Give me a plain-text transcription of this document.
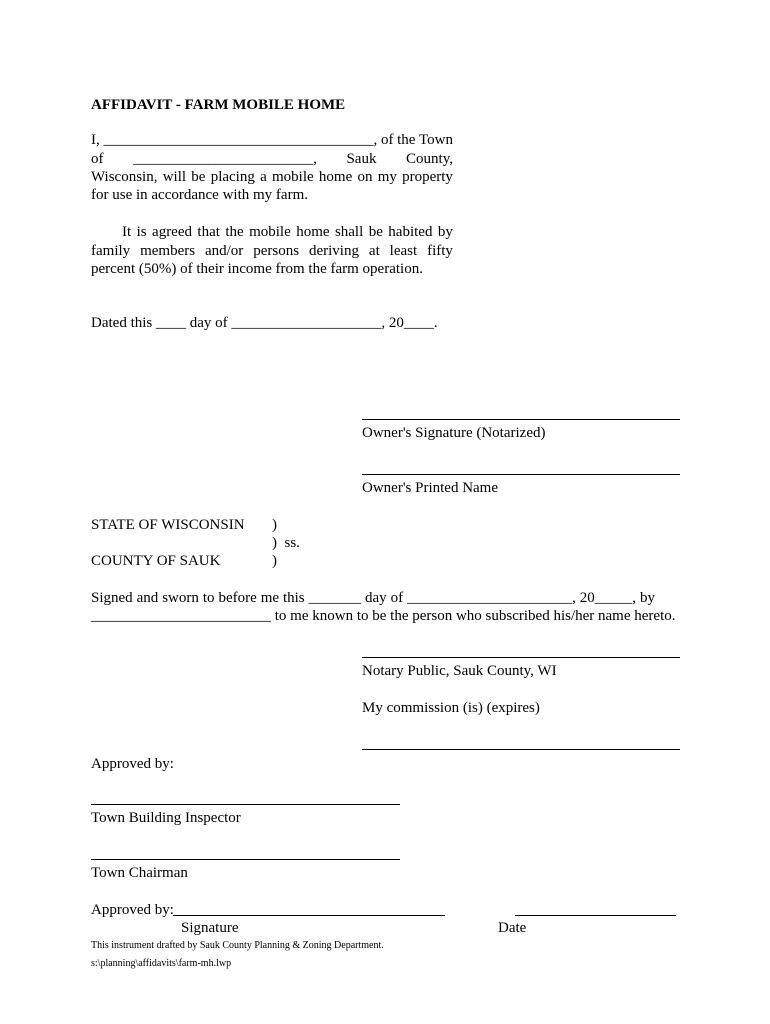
AFFIDAVIT - FARM MOBILE HOME
I, ____________________________________, of the Town
of ________________________, Sauk County,
Wisconsin, will be placing a mobile home on my property
for use in accordance with my farm.
It is agreed that the mobile home shall be habited by
family members and/or persons deriving at least fifty
percent (50%) of their income from the farm operation.
Dated this ____ day of ____________________, 20____.
Owner's Signature (Notarized)
Owner's Printed Name
STATE OF WISCONSIN )
)  ss.
COUNTY OF SAUK	)
Signed and sworn to before me this _______ day of ______________________, 20_____, by
________________________ to me known to be the person who subscribed his/her name hereto.
Notary Public, Sauk County, WI
My commission (is) (expires)
Approved by:
Town Building Inspector
Town Chairman
Approved by:
Signature	Date
This instrument drafted by Sauk County Planning & Zoning Department.
s:\planning\affidavits\farm-mh.lwp
